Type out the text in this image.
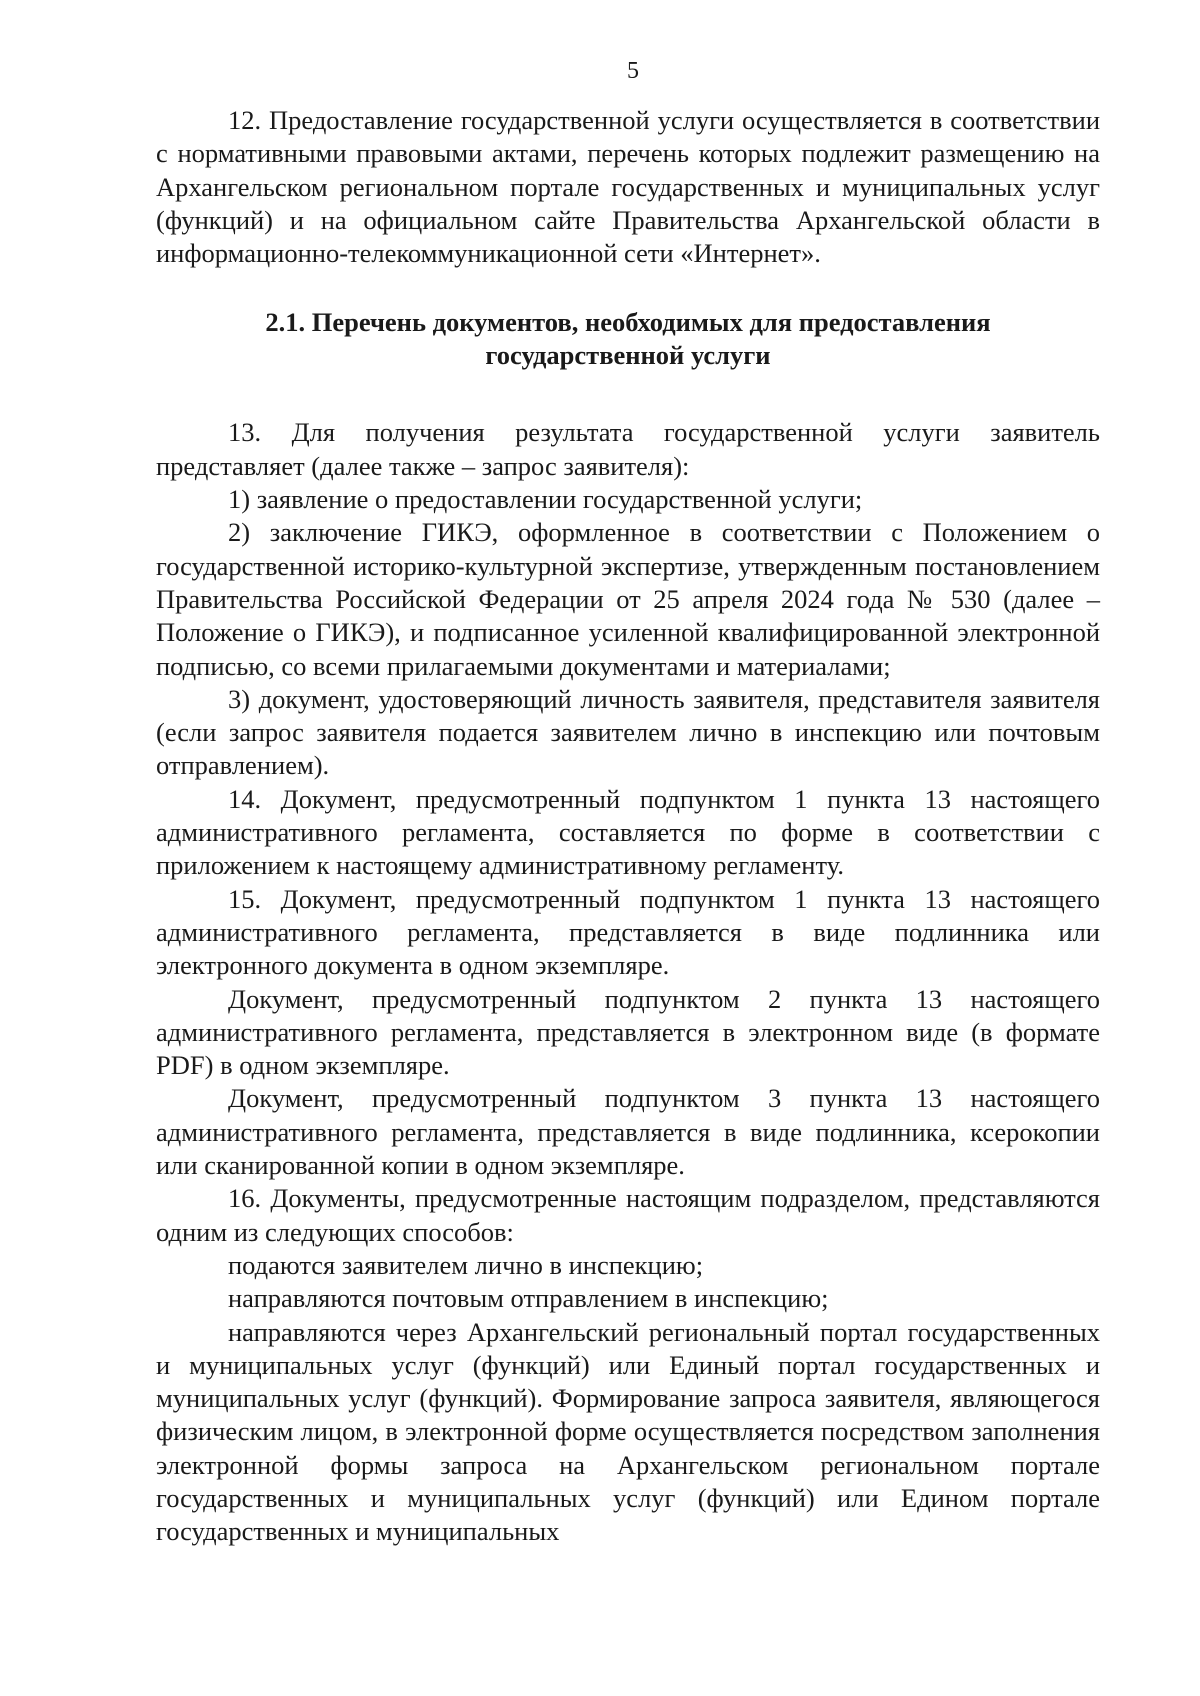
5

12. Предоставление государственной услуги осуществляется в соответствии с нормативными правовыми актами, перечень которых подлежит размещению на Архангельском региональном портале государственных и муниципальных услуг (функций) и на официальном сайте Правительства Архангельской области в информационно-телекоммуникационной сети «Интернет».

2.1. Перечень документов, необходимых для предоставления
государственной услуги

13. Для получения результата государственной услуги заявитель представляет (далее также – запрос заявителя):

1) заявление о предоставлении государственной услуги;

2) заключение ГИКЭ, оформленное в соответствии с Положением о государственной историко-культурной экспертизе, утвержденным постановлением Правительства Российской Федерации от 25 апреля 2024 года № 530 (далее – Положение о ГИКЭ), и подписанное усиленной квалифицированной электронной подписью, со всеми прилагаемыми документами и материалами;

3) документ, удостоверяющий личность заявителя, представителя заявителя (если запрос заявителя подается заявителем лично в инспекцию или почтовым отправлением).

14. Документ, предусмотренный подпунктом 1 пункта 13 настоящего административного регламента, составляется по форме в соответствии с приложением к настоящему административному регламенту.

15. Документ, предусмотренный подпунктом 1 пункта 13 настоящего административного регламента, представляется в виде подлинника или электронного документа в одном экземпляре.

Документ, предусмотренный подпунктом 2 пункта 13 настоящего административного регламента, представляется в электронном виде (в формате PDF) в одном экземпляре.

Документ, предусмотренный подпунктом 3 пункта 13 настоящего административного регламента, представляется в виде подлинника, ксерокопии или сканированной копии в одном экземпляре.

16. Документы, предусмотренные настоящим подразделом, представляются одним из следующих способов:

подаются заявителем лично в инспекцию;

направляются почтовым отправлением в инспекцию;

направляются через Архангельский региональный портал государственных и муниципальных услуг (функций) или Единый портал государственных и муниципальных услуг (функций). Формирование запроса заявителя, являющегося физическим лицом, в электронной форме осуществляется посредством заполнения электронной формы запроса на Архангельском региональном портале государственных и муниципальных услуг (функций) или Едином портале государственных и муниципальных
